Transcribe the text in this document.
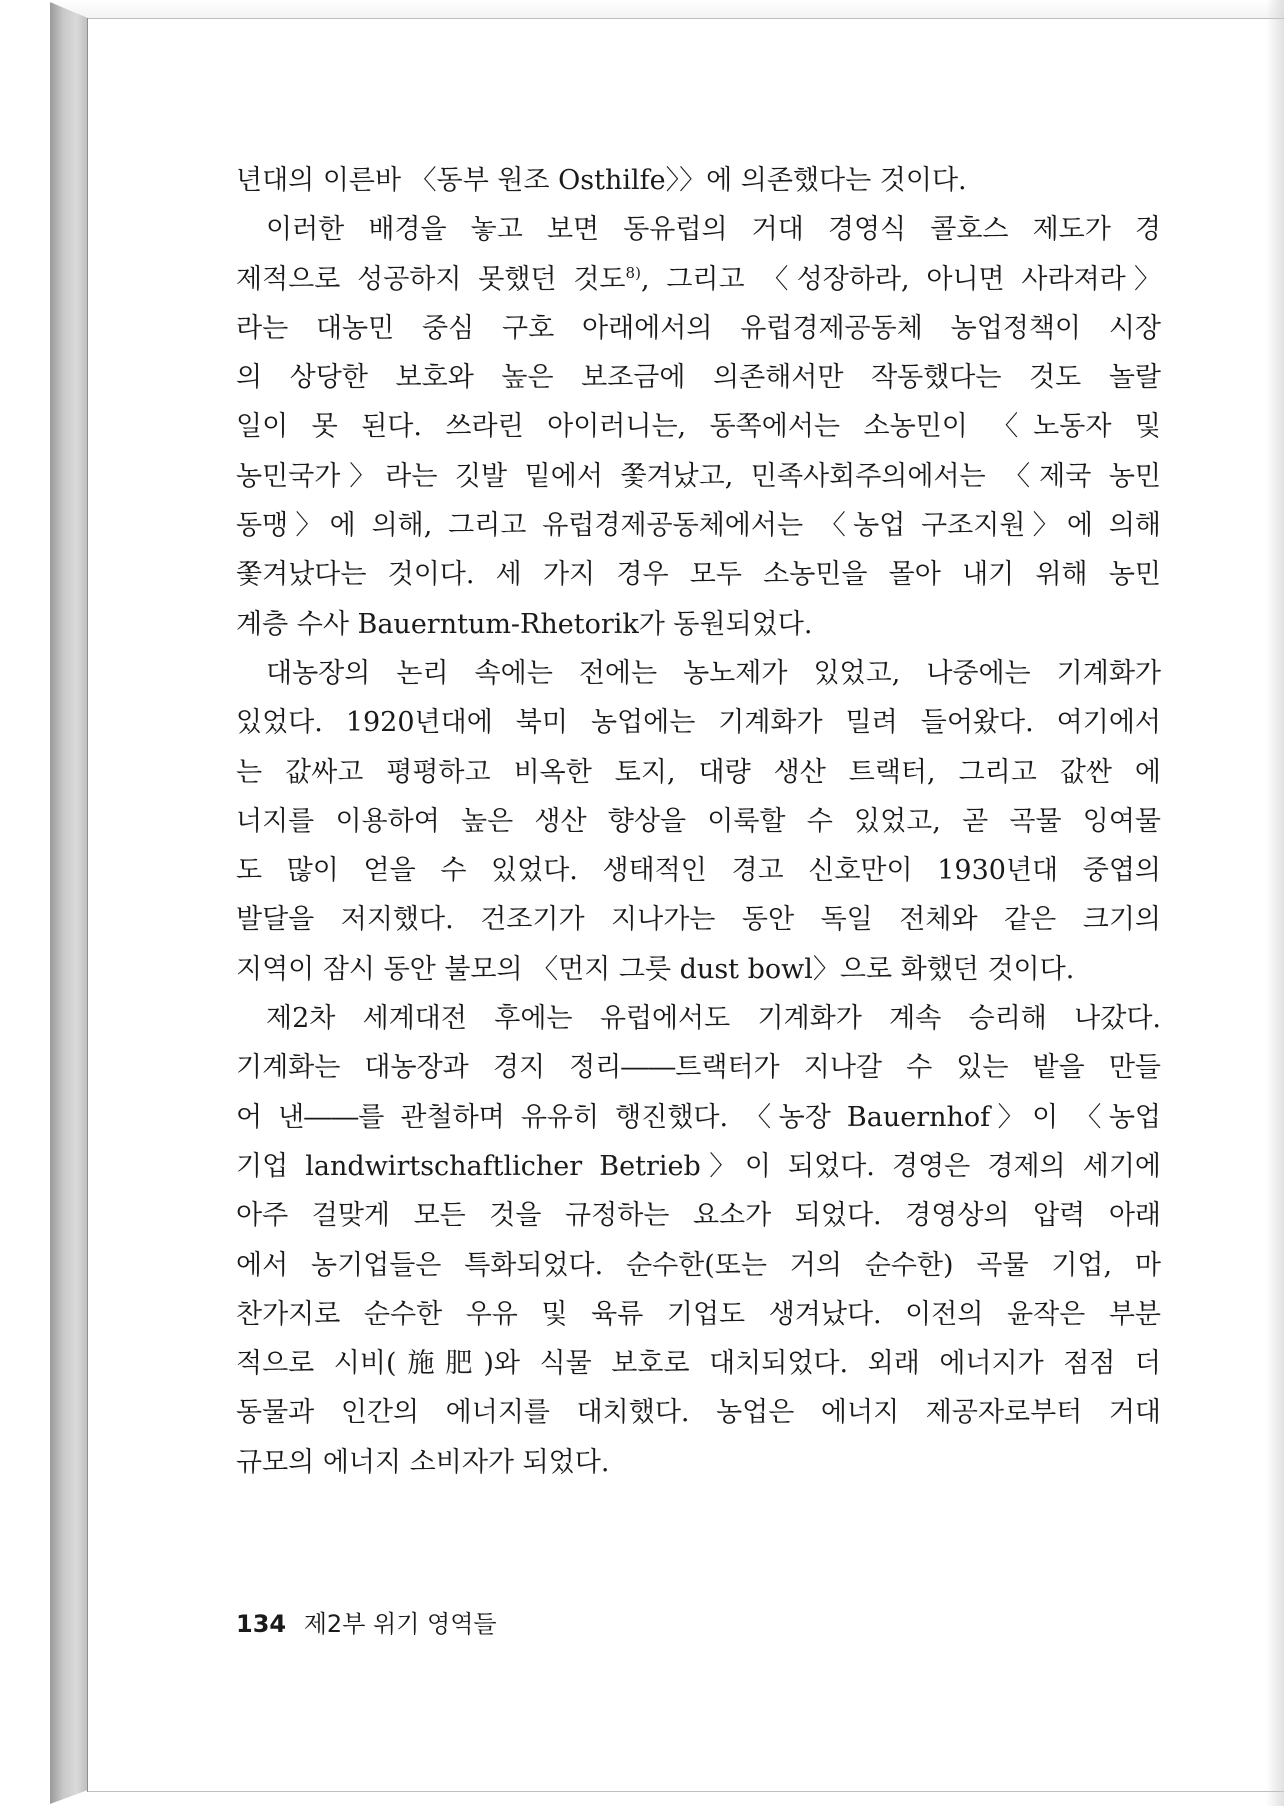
년대의 이른바 〈동부 원조 Osthilfe〉〉에 의존했다는 것이다.
이러한 배경을 놓고 보면 동유럽의 거대 경영식 콜호스 제도가 경
제적으로 성공하지 못했던 것도$^{8)}$, 그리고 〈성장하라, 아니면 사라져라〉
라는 대농민 중심 구호 아래에서의 유럽경제공동체 농업정책이 시장
의 상당한 보호와 높은 보조금에 의존해서만 작동했다는 것도 놀랄
일이 못 된다. 쓰라린 아이러니는, 동쪽에서는 소농민이 〈노동자 및
농민국가〉라는 깃발 밑에서 쫓겨났고, 민족사회주의에서는 〈제국 농민
동맹〉에 의해, 그리고 유럽경제공동체에서는 〈농업 구조지원〉에 의해
쫓겨났다는 것이다. 세 가지 경우 모두 소농민을 몰아 내기 위해 농민
계층 수사 Bauerntum-Rhetorik가 동원되었다.
대농장의 논리 속에는 전에는 농노제가 있었고, 나중에는 기계화가
있었다. 1920년대에 북미 농업에는 기계화가 밀려 들어왔다. 여기에서
는 값싸고 평평하고 비옥한 토지, 대량 생산 트랙터, 그리고 값싼 에
너지를 이용하여 높은 생산 향상을 이룩할 수 있었고, 곧 곡물 잉여물
도 많이 얻을 수 있었다. 생태적인 경고 신호만이 1930년대 중엽의
발달을 저지했다. 건조기가 지나가는 동안 독일 전체와 같은 크기의
지역이 잠시 동안 불모의 〈먼지 그릇 dust bowl〉으로 화했던 것이다.
제2차 세계대전 후에는 유럽에서도 기계화가 계속 승리해 나갔다.
기계화는 대농장과 경지 정리――트랙터가 지나갈 수 있는 밭을 만들
어 낸――를 관철하며 유유히 행진했다. 〈농장 Bauernhof〉이 〈농업
기업 landwirtschaftlicher Betrieb〉이 되었다. 경영은 경제의 세기에
아주 걸맞게 모든 것을 규정하는 요소가 되었다. 경영상의 압력 아래
에서 농기업들은 특화되었다. 순수한(또는 거의 순수한) 곡물 기업, 마
찬가지로 순수한 우유 및 육류 기업도 생겨났다. 이전의 윤작은 부분
적으로 시비(施肥)와 식물 보호로 대치되었다. 외래 에너지가 점점 더
동물과 인간의 에너지를 대치했다. 농업은 에너지 제공자로부터 거대
규모의 에너지 소비자가 되었다.
134 제2부 위기 영역들
